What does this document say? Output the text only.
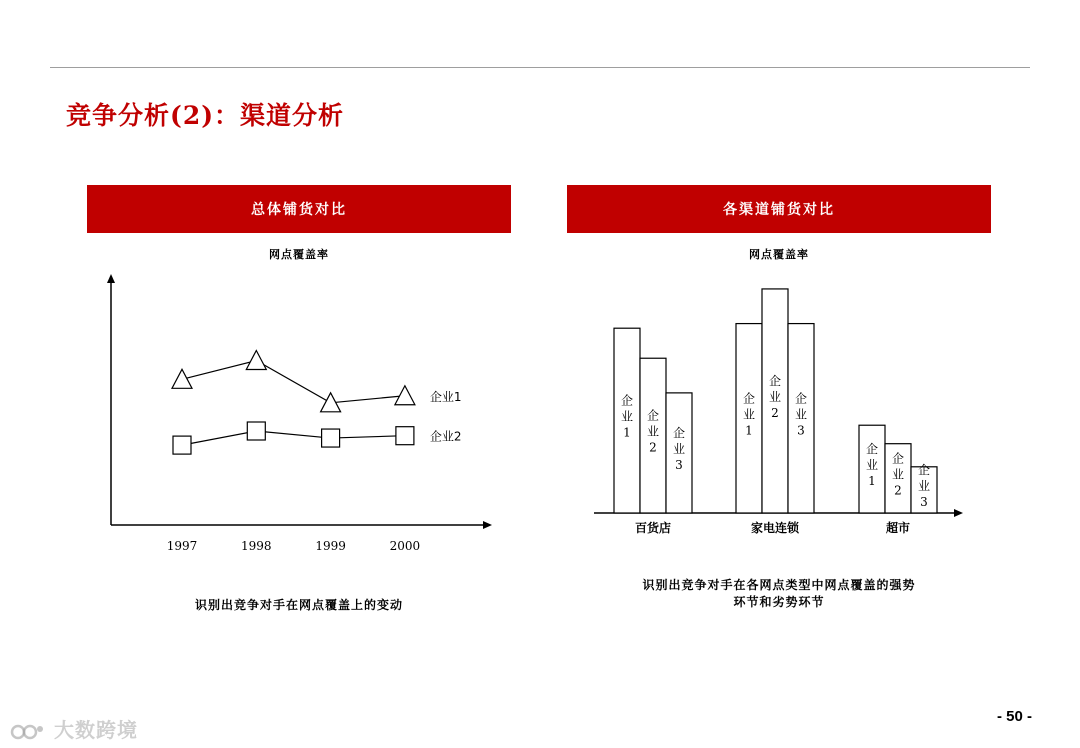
竞争分析(2)：渠道分析
总体铺货对比	各渠道铺货对比
网点覆盖率	网点覆盖率
1997	1998	1999	2000
企业1
企业2
企
业
1
企
业
2
企
业
3
百货店
企
业
1
企
业
2
企
业
3
家电连锁
企
业
1
企
业
2
企
业
3
超市
识别出竞争对手在网点覆盖上的变动
识别出竞争对手在各网点类型中网点覆盖的强势
环节和劣势环节
- 50 -
大数跨境
